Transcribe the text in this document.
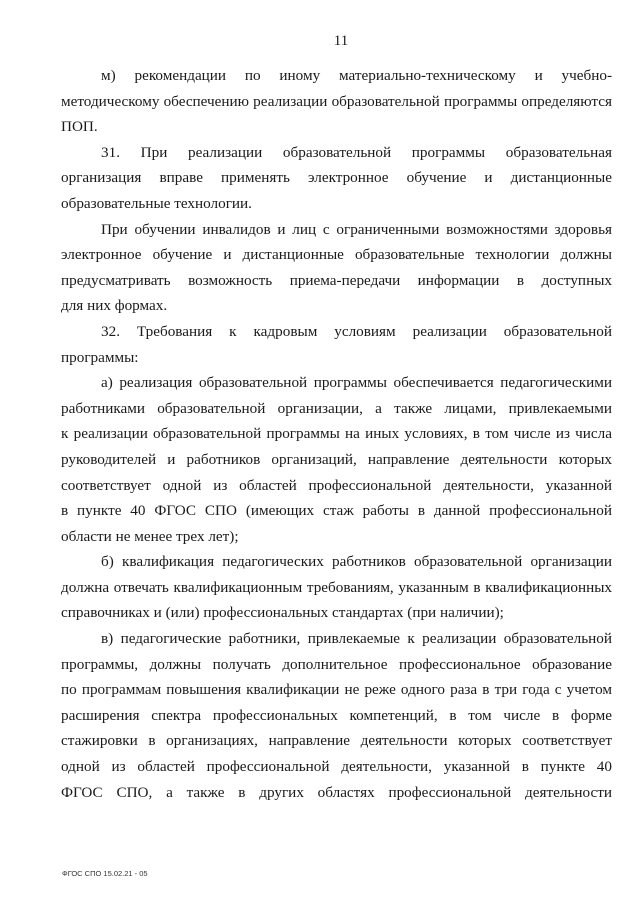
11
м) рекомендации по иному материально-техническому и учебно-
методическому обеспечению реализации образовательной программы определяются
ПОП.
31. При реализации образовательной программы образовательная
организация вправе применять электронное обучение и дистанционные
образовательные технологии.
При обучении инвалидов и лиц с ограниченными возможностями здоровья
электронное обучение и дистанционные образовательные технологии должны
предусматривать возможность приема-передачи информации в доступных
для них формах.
32. Требования к кадровым условиям реализации образовательной
программы:
а) реализация образовательной программы обеспечивается педагогическими
работниками образовательной организации, а также лицами, привлекаемыми
к реализации образовательной программы на иных условиях, в том числе из числа
руководителей и работников организаций, направление деятельности которых
соответствует одной из областей профессиональной деятельности, указанной
в пункте 40 ФГОС СПО (имеющих стаж работы в данной профессиональной
области не менее трех лет);
б) квалификация педагогических работников образовательной организации
должна отвечать квалификационным требованиям, указанным в квалификационных
справочниках и (или) профессиональных стандартах (при наличии);
в) педагогические работники, привлекаемые к реализации образовательной
программы, должны получать дополнительное профессиональное образование
по программам повышения квалификации не реже одного раза в три года с учетом
расширения спектра профессиональных компетенций, в том числе в форме
стажировки в организациях, направление деятельности которых соответствует
одной из областей профессиональной деятельности, указанной в пункте 40
ФГОС СПО, а также в других областях профессиональной деятельности
ФГОС СПО 15.02.21 - 05
